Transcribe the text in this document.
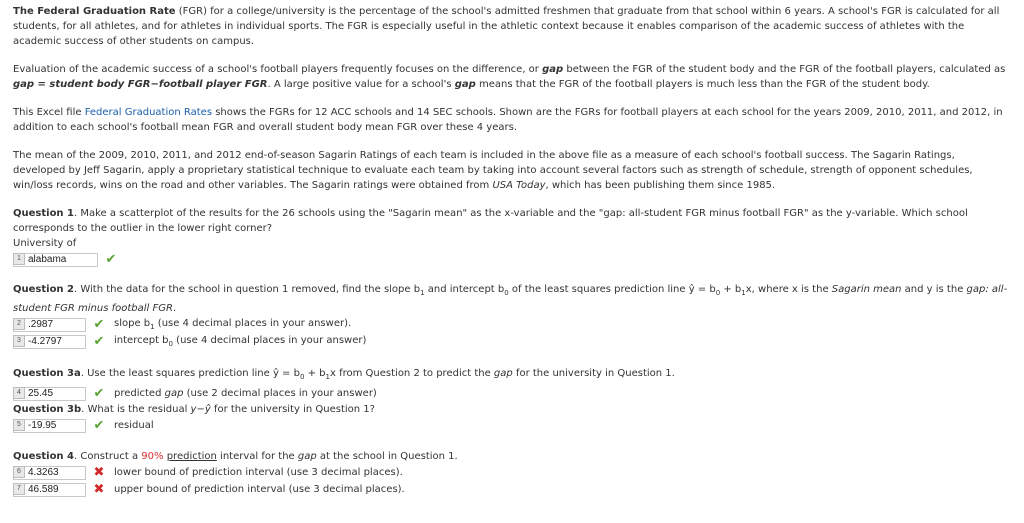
The Federal Graduation Rate (FGR) for a college/university is the percentage of the school's admitted freshmen that graduate from that school within 6 years. A school's FGR is calculated for all students, for all athletes, and for athletes in individual sports. The FGR is especially useful in the athletic context because it enables comparison of the academic success of athletes with the academic success of other students on campus.

Evaluation of the academic success of a school's football players frequently focuses on the difference, or gap between the FGR of the student body and the FGR of the football players, calculated as
gap = student body FGR−football player FGR. A large positive value for a school's gap means that the FGR of the football players is much less than the FGR of the student body.

This Excel file Federal Graduation Rates shows the FGRs for 12 ACC schools and 14 SEC schools. Shown are the FGRs for football players at each school for the years 2009, 2010, 2011, and 2012, in addition to each school's football mean FGR and overall student body mean FGR over these 4 years.

The mean of the 2009, 2010, 2011, and 2012 end-of-season Sagarin Ratings of each team is included in the above file as a measure of each school's football success. The Sagarin Ratings, developed by Jeff Sagarin, apply a proprietary statistical technique to evaluate each team by taking into account several factors such as strength of schedule, strength of opponent schedules, win/loss records, wins on the road and other variables. The Sagarin ratings were obtained from USA Today, which has been publishing them since 1985.

Question 1. Make a scatterplot of the results for the 26 schools using the "Sagarin mean" as the x-variable and the "gap: all-student FGR minus football FGR" as the y-variable. Which school corresponds to the outlier in the lower right corner?

University of

1 alabama	✔

Question 2. With the data for the school in question 1 removed, find the slope $b_1$ and intercept $b_0$ of the least squares prediction line ŷ = $b_0 + b_1x$, where x is the Sagarin mean and y is the gap: all-student FGR minus football FGR.

2 .2987	✔ slope $b_1$ (use 4 decimal places in your answer).
3 -4.2797	✔ intercept $b_0$ (use 4 decimal places in your answer)

Question 3a. Use the least squares prediction line ŷ = $b_0 + b_1x$ from Question 2 to predict the gap for the university in Question 1.

4 25.45	✔ predicted gap (use 2 decimal places in your answer)

Question 3b. What is the residual y−ŷ for the university in Question 1?

5 -19.95	✔ residual

Question 4. Construct a 90% prediction interval for the gap at the school in Question 1.

6 4.3263	✖ lower bound of prediction interval (use 3 decimal places).
7 46.589	✖ upper bound of prediction interval (use 3 decimal places).
